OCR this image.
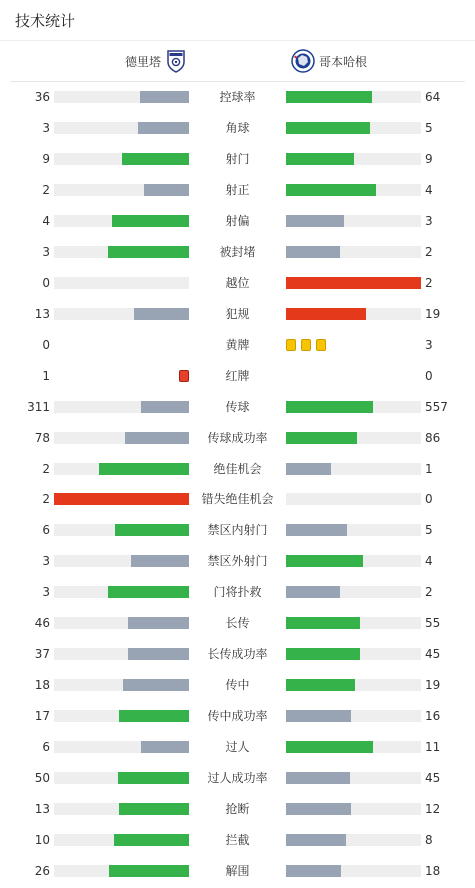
技术统计
德里塔	哥本哈根
36	控球率	64
3	角球	5
9	射门	9
2	射正	4
4	射偏	3
3	被封堵	2
0	越位	2
13	犯规	19
0	黄牌	3
1	红牌	0
311	传球	557
78	传球成功率	86
2	绝佳机会	1
2	错失绝佳机会	0
6	禁区内射门	5
3	禁区外射门	4
3	门将扑救	2
46	长传	55
37	长传成功率	45
18	传中	19
17	传中成功率	16
6	过人	11
50	过人成功率	45
13	抢断	12
10	拦截	8
26	解围	18
